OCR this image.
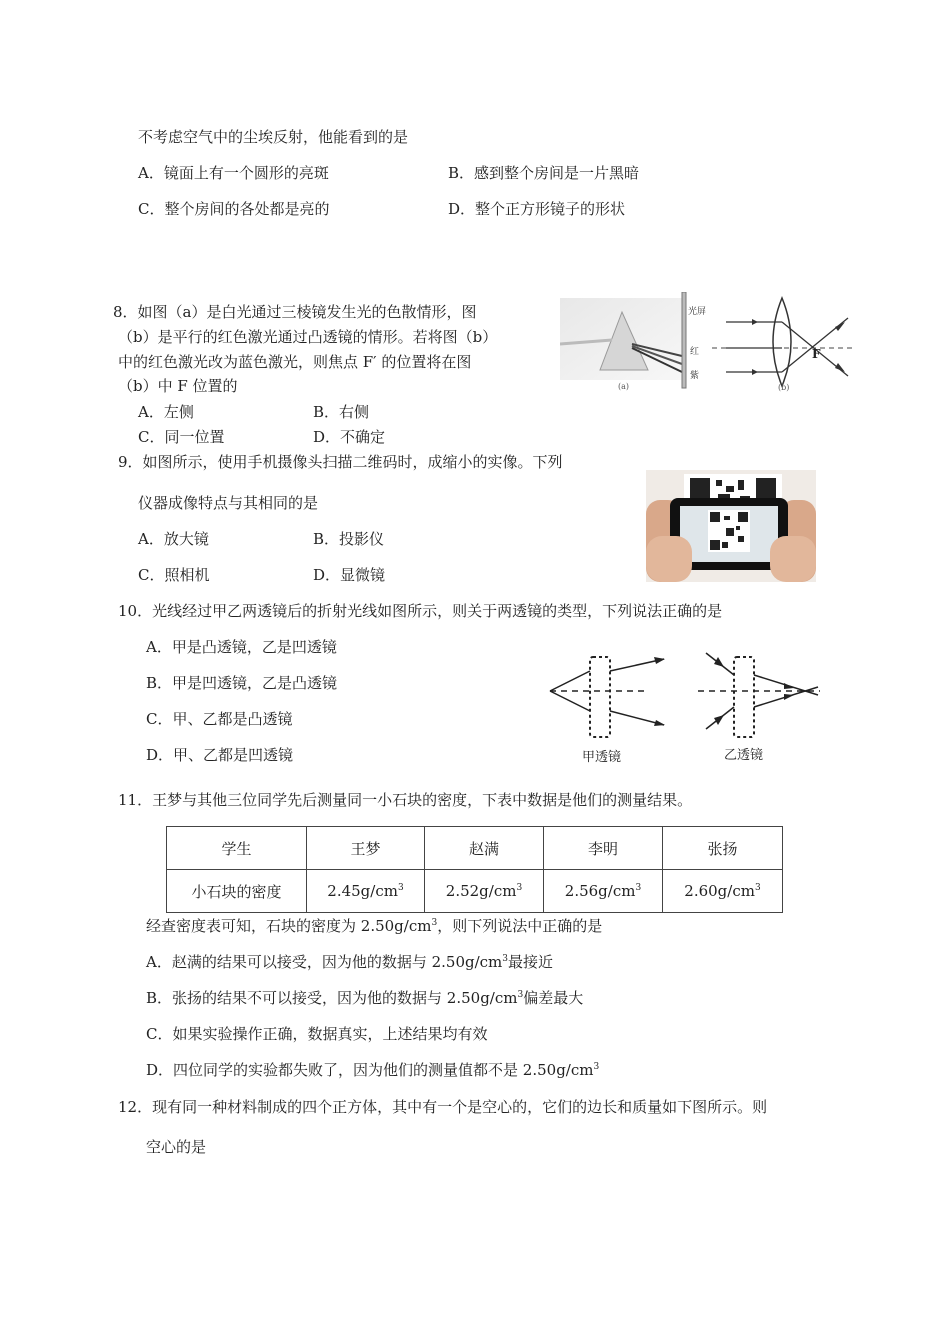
不考虑空气中的尘埃反射，他能看到的是
A．镜面上有一个圆形的亮斑	B．感到整个房间是一片黑暗
C．整个房间的各处都是亮的	D．整个正方形镜子的形状
8．如图（a）是白光通过三棱镜发生光的色散情形，图
（b）是平行的红色激光通过凸透镜的情形。若将图（b）
中的红色激光改为蓝色激光，则焦点 F′ 的位置将在图
（b）中 F 位置的
A．左侧	B．右侧
C．同一位置	D．不确定
光屏
红
紫
(a)
F
(b)
9．如图所示，使用手机摄像头扫描二维码时，成缩小的实像。下列
仪器成像特点与其相同的是
A．放大镜	B．投影仪
C．照相机	D．显微镜
10．光线经过甲乙两透镜后的折射光线如图所示，则关于两透镜的类型，下列说法正确的是
A．甲是凸透镜，乙是凹透镜
B．甲是凹透镜，乙是凸透镜
C．甲、乙都是凸透镜
D．甲、乙都是凹透镜	甲透镜	乙透镜
11．王梦与其他三位同学先后测量同一小石块的密度，下表中数据是他们的测量结果。
学生	王梦	赵满	李明	张扬
小石块的密度	$2.45g/cm^3$	$2.52g/cm^3$	$2.56g/cm^3$	$2.60g/cm^3$
经查密度表可知，石块的密度为 $2.50g/cm^3$，则下列说法中正确的是
A．赵满的结果可以接受，因为他的数据与 $2.50g/cm^3$最接近
B．张扬的结果不可以接受，因为他的数据与 $2.50g/cm^3$偏差最大
C．如果实验操作正确，数据真实，上述结果均有效
D．四位同学的实验都失败了，因为他们的测量值都不是 $2.50g/cm^3$
12．现有同一种材料制成的四个正方体，其中有一个是空心的，它们的边长和质量如下图所示。则
空心的是
